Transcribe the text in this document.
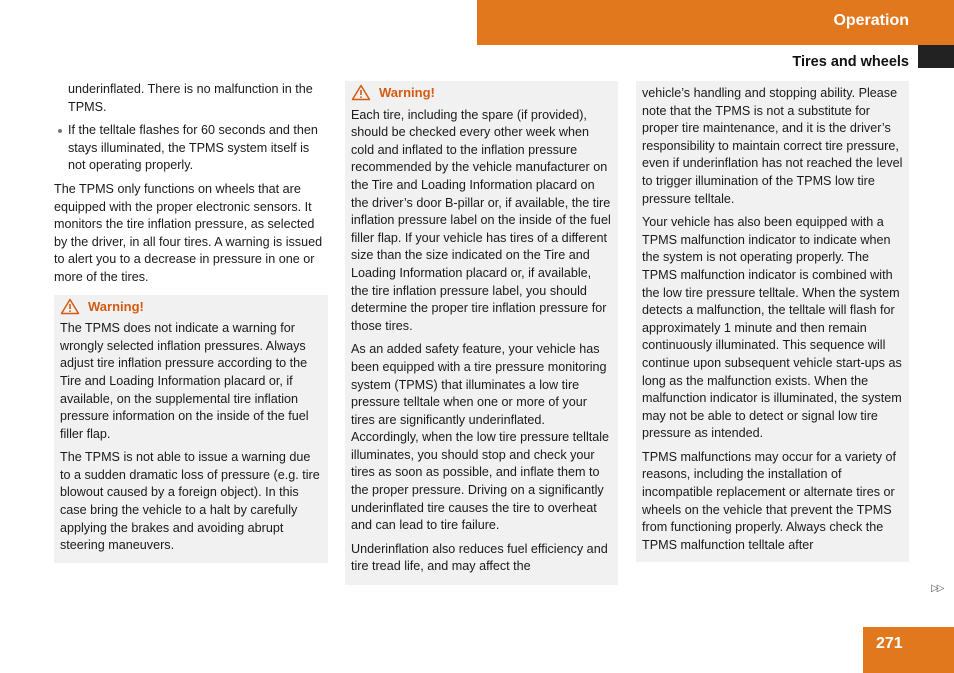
Operation
Tires and wheels

underinflated. There is no malfunction in the TPMS.

If the telltale flashes for 60 seconds and then stays illuminated, the TPMS system itself is not operating properly.

The TPMS only functions on wheels that are equipped with the proper electronic sensors. It monitors the tire inflation pressure, as selected by the driver, in all four tires. A warning is issued to alert you to a decrease in pressure in one or more of the tires.

Warning!

The TPMS does not indicate a warning for wrongly selected inflation pressures. Always adjust tire inflation pressure according to the Tire and Loading Information placard or, if available, on the supplemental tire inflation pressure information on the inside of the fuel filler flap.

The TPMS is not able to issue a warning due to a sudden dramatic loss of pressure (e.g. tire blowout caused by a foreign object). In this case bring the vehicle to a halt by carefully applying the brakes and avoiding abrupt steering maneuvers.

Warning!

Each tire, including the spare (if provided), should be checked every other week when cold and inflated to the inflation pressure recommended by the vehicle manufacturer on the Tire and Loading Information placard on the driver’s door B-pillar or, if available, the tire inflation pressure label on the inside of the fuel filler flap. If your vehicle has tires of a different size than the size indicated on the Tire and Loading Information placard or, if available, the tire inflation pressure label, you should determine the proper tire inflation pressure for those tires.

As an added safety feature, your vehicle has been equipped with a tire pressure monitoring system (TPMS) that illuminates a low tire pressure telltale when one or more of your tires are significantly underinflated. Accordingly, when the low tire pressure telltale illuminates, you should stop and check your tires as soon as possible, and inflate them to the proper pressure. Driving on a significantly underinflated tire causes the tire to overheat and can lead to tire failure.

Underinflation also reduces fuel efficiency and tire tread life, and may affect the

vehicle’s handling and stopping ability. Please note that the TPMS is not a substitute for proper tire maintenance, and it is the driver’s responsibility to maintain correct tire pressure, even if underinflation has not reached the level to trigger illumination of the TPMS low tire pressure telltale.

Your vehicle has also been equipped with a TPMS malfunction indicator to indicate when the system is not operating properly. The TPMS malfunction indicator is combined with the low tire pressure telltale. When the system detects a malfunction, the telltale will flash for approximately 1 minute and then remain continuously illuminated. This sequence will continue upon subsequent vehicle start-ups as long as the malfunction exists. When the malfunction indicator is illuminated, the system may not be able to detect or signal low tire pressure as intended.

TPMS malfunctions may occur for a variety of reasons, including the installation of incompatible replacement or alternate tires or wheels on the vehicle that prevent the TPMS from functioning properly. Always check the TPMS malfunction telltale after

▷▷
271
